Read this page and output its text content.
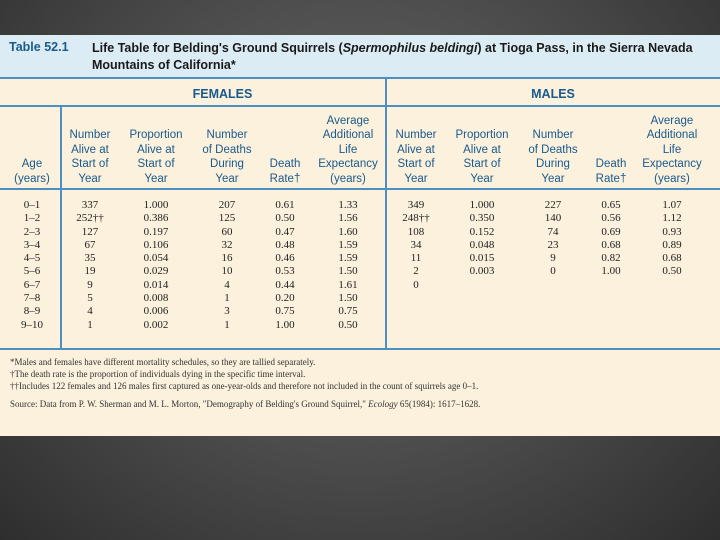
Table 52.1 Life Table for Belding's Ground Squirrels (Spermophilus beldingi) at Tioga Pass, in the Sierra Nevada Mountains of California*
FEMALES	MALES
Age
(years)
Number
Alive at
Start of
Year
Proportion
Alive at
Start of
Year
Number
of Deaths
During
Year
Death
Rate†
Average
Additional
Life
Expectancy
(years)
Number
Alive at
Start of
Year
Proportion
Alive at
Start of
Year
Number
of Deaths
During
Year
Death
Rate†
Average
Additional
Life
Expectancy
(years)
0–1
1–2
2–3
3–4
4–5
5–6
6–7
7–8
8–9
9–10
337
252††
127
67
35
19
9
5
4
1
1.000
0.386
0.197
0.106
0.054
0.029
0.014
0.008
0.006
0.002
207
125
60
32
16
10
4
1
3
1
0.61
0.50
0.47
0.48
0.46
0.53
0.44
0.20
0.75
1.00
1.33
1.56
1.60
1.59
1.59
1.50
1.61
1.50
0.75
0.50
349
248††
108
34
11
2
0
1.000
0.350
0.152
0.048
0.015
0.003
227
140
74
23
9
0
0.65
0.56
0.69
0.68
0.82
1.00
1.07
1.12
0.93
0.89
0.68
0.50
*Males and females have different mortality schedules, so they are tallied separately.
†The death rate is the proportion of individuals dying in the specific time interval.
††Includes 122 females and 126 males first captured as one-year-olds and therefore not included in the count of squirrels age 0–1.
Source: Data from P. W. Sherman and M. L. Morton, "Demography of Belding's Ground Squirrel," Ecology 65(1984): 1617–1628.
